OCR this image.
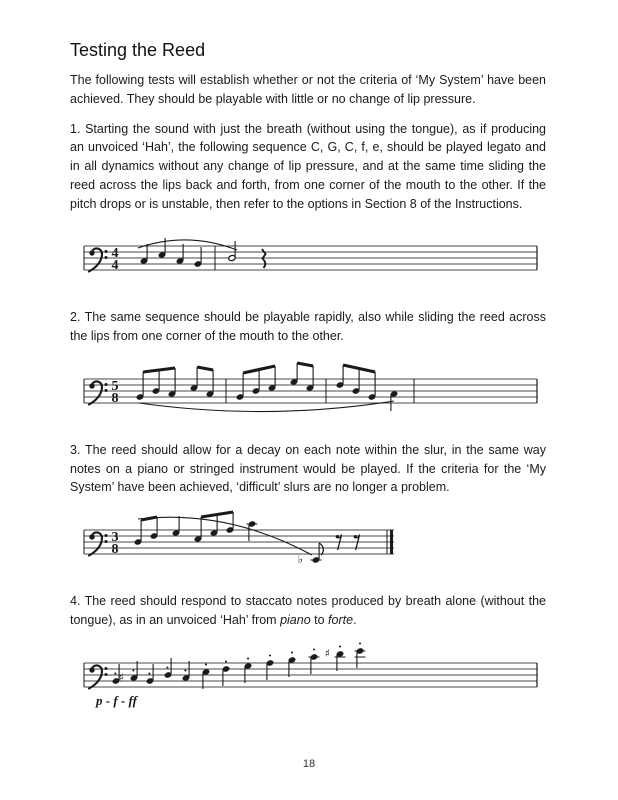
Testing the Reed

The following tests will establish whether or not the criteria of ‘My System’ have been achieved. They should be playable with little or no change of lip pressure.

1. Starting the sound with just the breath (without using the tongue), as if producing an unvoiced ‘Hah’, the following sequence C, G, C, f, e, should be played legato and in all dynamics without any change of lip pressure, and at the same time sliding the reed across the lips back and forth, from one corner of the mouth to the other. If the pitch drops or is unstable, then refer to the options in Section 8 of the Instructions.

4
4

2. The same sequence should be playable rapidly, also while sliding the reed across the lips from one corner of the mouth to the other.

5
8

3. The reed should allow for a decay on each note within the slur, in the same way notes on a piano or stringed instrument would be played. If the criteria for the ‘My System’ have been achieved, ‘difficult’ slurs are no longer a problem.

3
8
♭

4. The reed should respond to staccato notes produced by breath alone (without the tongue), as in an unvoiced ‘Hah’ from piano to forte.

♯
♯
p - f - ff
18
